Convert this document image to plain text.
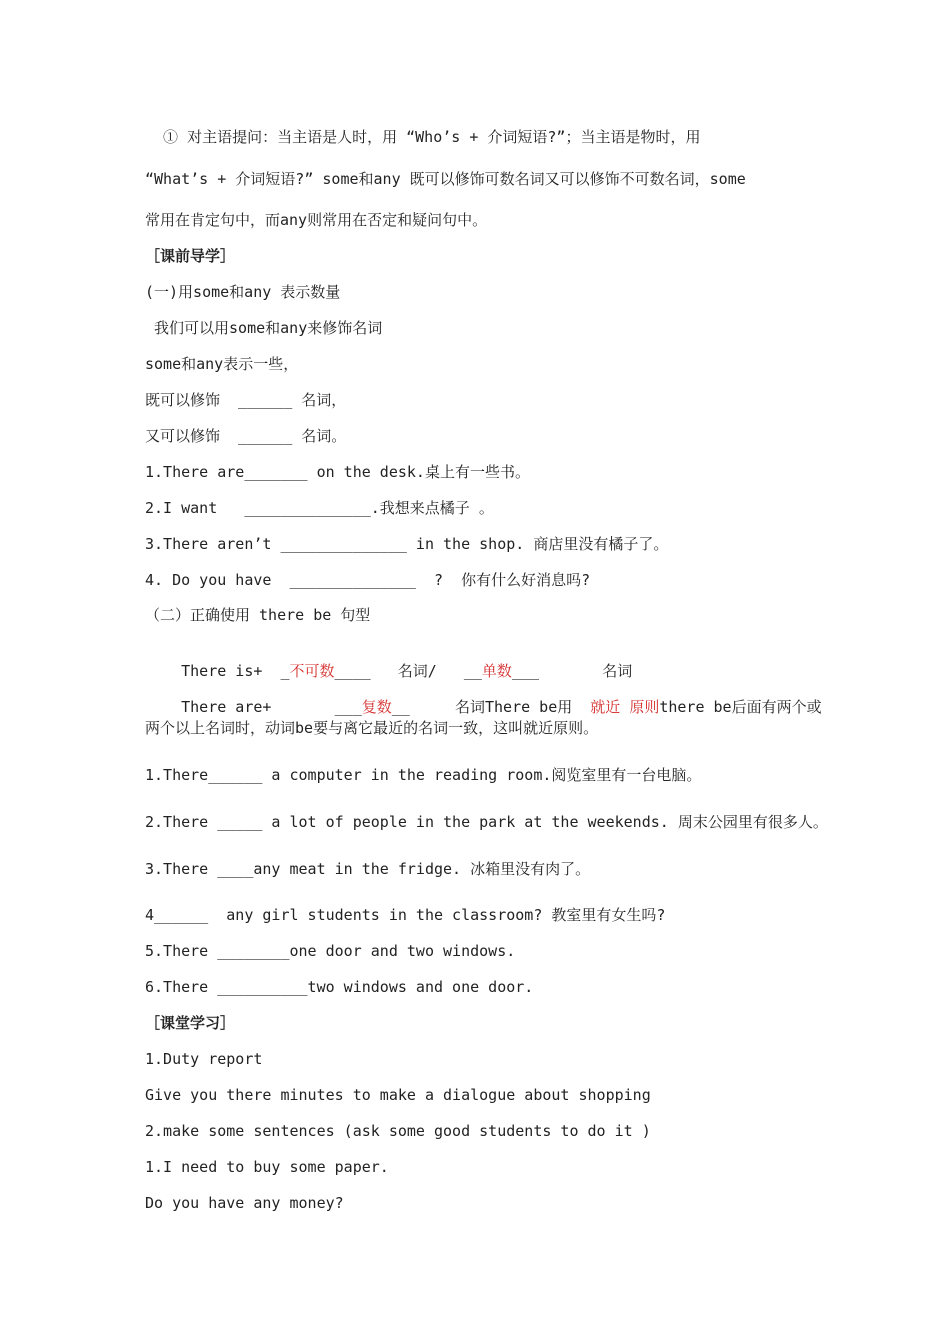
① 对主语提问：当主语是人时，用 “Who’s + 介词短语?”；当主语是物时，用
“What’s + 介词短语?” some和any 既可以修饰可数名词又可以修饰不可数名词，some
常用在肯定句中，而any则常用在否定和疑问句中。
［课前导学］
(一)用some和any 表示数量
我们可以用some和any来修饰名词
some和any表示一些，
既可以修饰  ______ 名词，
又可以修饰  ______ 名词。
1.There are_______ on the desk.桌上有一些书。
2.I want   ______________.我想来点橘子 。
3.There aren’t ______________ in the shop. 商店里没有橘子了。
4. Do you have  ______________  ?  你有什么好消息吗?
（二）正确使用 there be 句型

There is+  _不可数____   名词/   __单数___       名词

There are+       ___复数__     名词There be用  就近 原则there be后面有两个或

两个以上名词时，动词be要与离它最近的名词一致，这叫就近原则。
1.There______ a computer in the reading room.阅览室里有一台电脑。
2.There _____ a lot of people in the park at the weekends. 周末公园里有很多人。
3.There ____any meat in the fridge. 冰箱里没有肉了。
4______  any girl students in the classroom? 教室里有女生吗?
5.There ________one door and two windows.
6.There __________two windows and one door.
［课堂学习］
1.Duty report
Give you there minutes to make a dialogue about shopping
2.make some sentences (ask some good students to do it )
1.I need to buy some paper.
Do you have any money?
